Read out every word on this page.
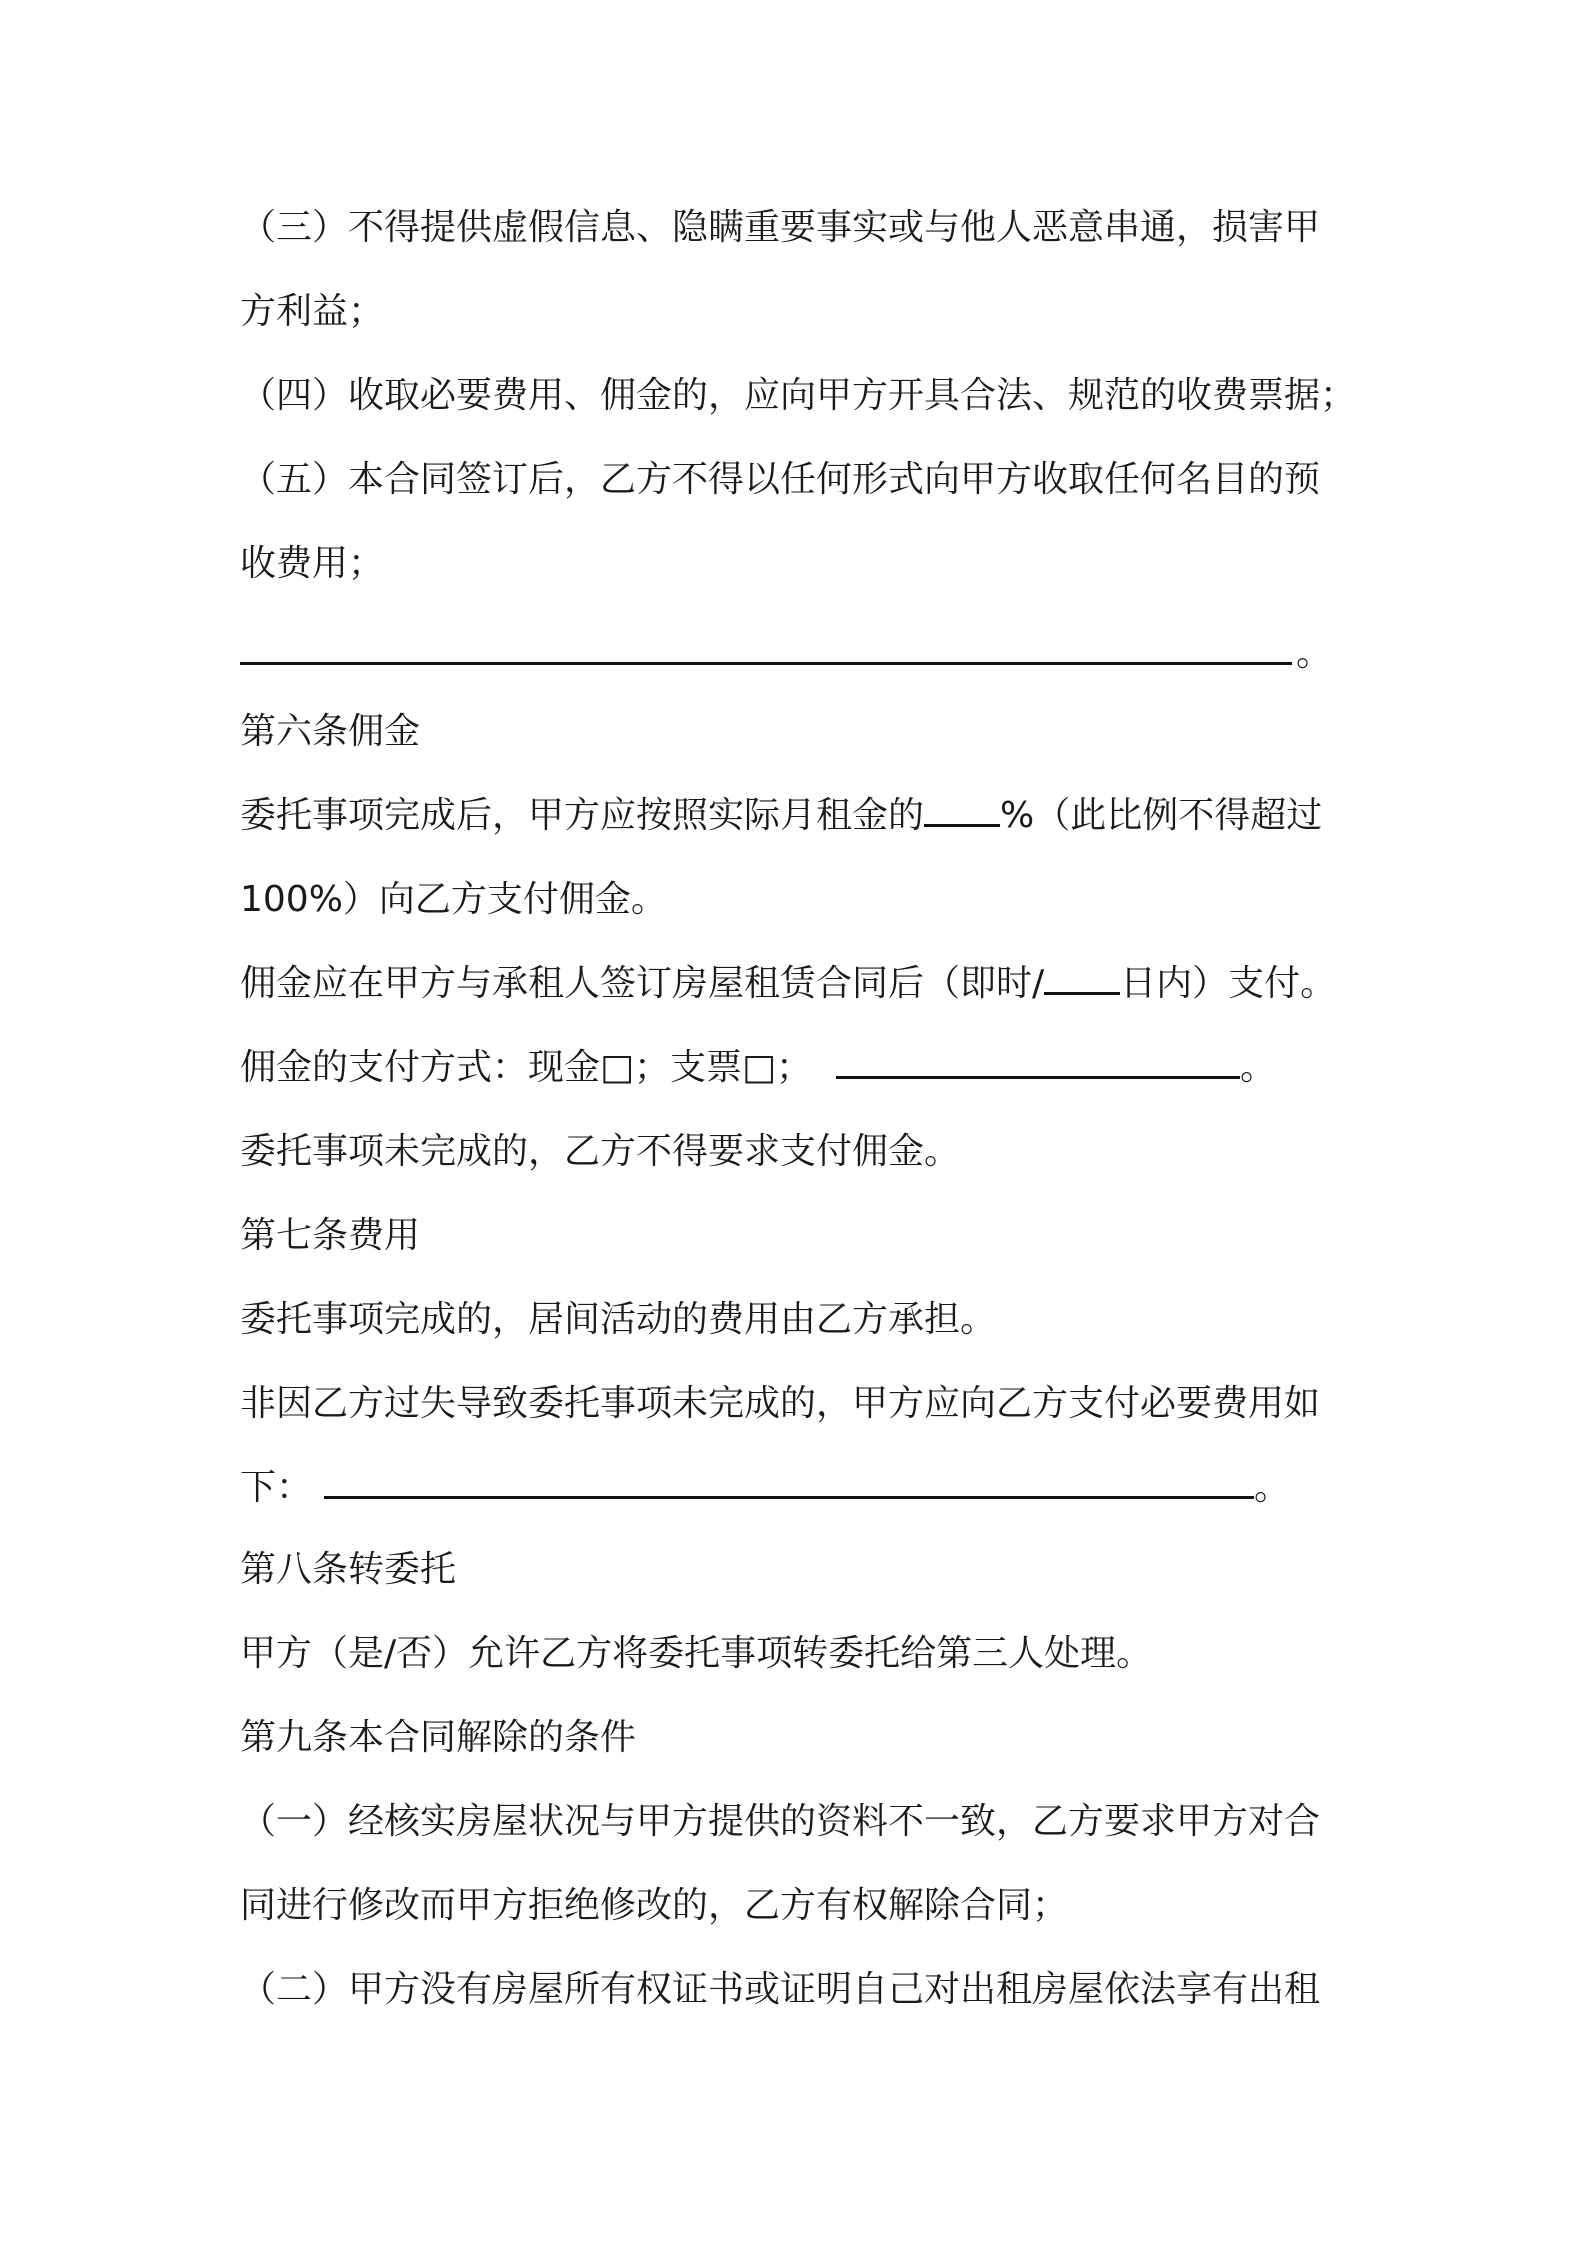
（三）不得提供虚假信息、隐瞒重要事实或与他人恶意串通，损害甲
方利益；
（四）收取必要费用、佣金的，应向甲方开具合法、规范的收费票据；
（五）本合同签订后，乙方不得以任何形式向甲方收取任何名目的预
收费用；
。
第六条佣金
委托事项完成后，甲方应按照实际月租金的 %（此比例不得超过
100%）向乙方支付佣金。
佣金应在甲方与承租人签订房屋租赁合同后（即时/ 日内）支付。
佣金的支付方式：现金□；支票□；	。
委托事项未完成的，乙方不得要求支付佣金。
第七条费用
委托事项完成的，居间活动的费用由乙方承担。
非因乙方过失导致委托事项未完成的，甲方应向乙方支付必要费用如
下：	。
第八条转委托
甲方（是/否）允许乙方将委托事项转委托给第三人处理。
第九条本合同解除的条件
（一）经核实房屋状况与甲方提供的资料不一致，乙方要求甲方对合
同进行修改而甲方拒绝修改的，乙方有权解除合同；
（二）甲方没有房屋所有权证书或证明自己对出租房屋依法享有出租
